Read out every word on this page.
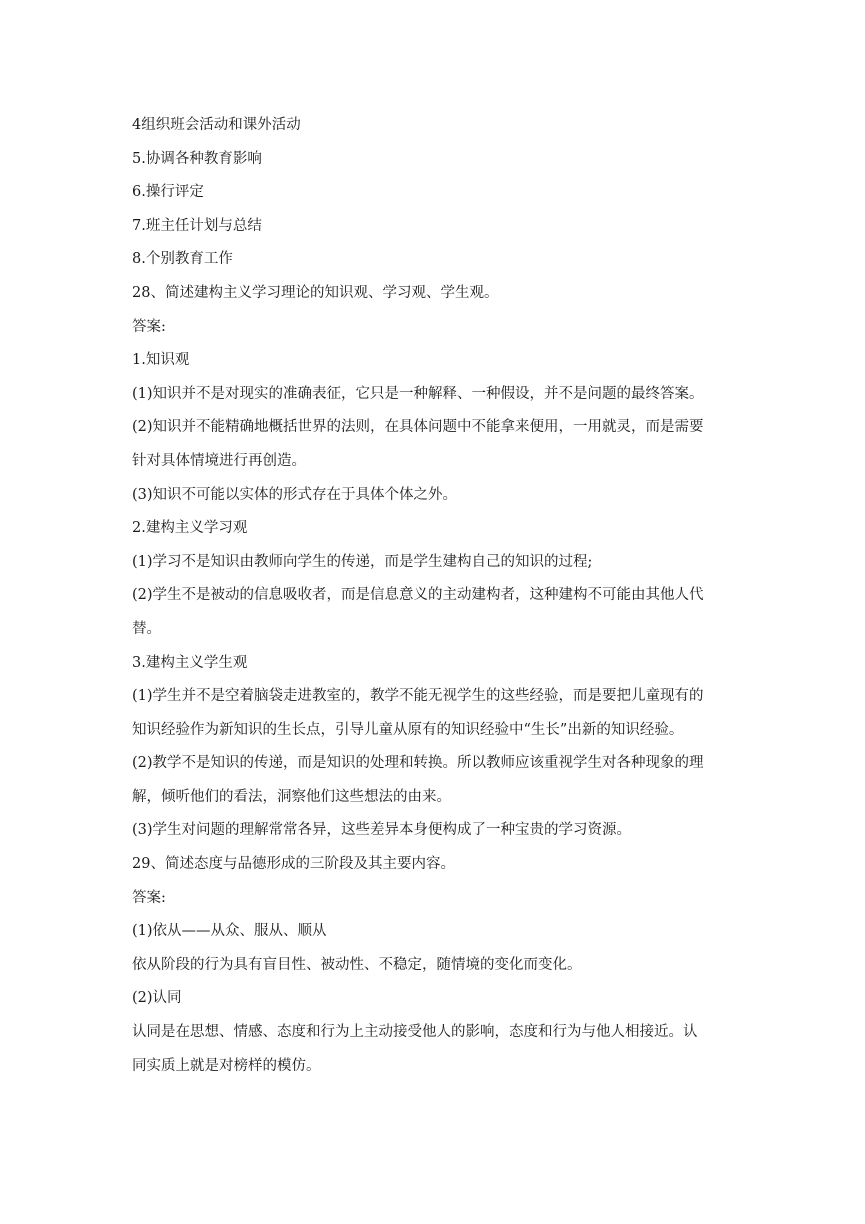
4组织班会活动和课外活动
5.协调各种教育影响
6.操行评定
7.班主任计划与总结
8.个别教育工作
28、简述建构主义学习理论的知识观、学习观、学生观。
答案:
1.知识观
(1)知识并不是对现实的准确表征，它只是一种解释、一种假设，并不是问题的最终答案。
(2)知识并不能精确地概括世界的法则，在具体问题中不能拿来便用，一用就灵，而是需要
针对具体情境进行再创造。
(3)知识不可能以实体的形式存在于具体个体之外。
2.建构主义学习观
(1)学习不是知识由教师向学生的传递，而是学生建构自己的知识的过程;
(2)学生不是被动的信息吸收者，而是信息意义的主动建构者，这种建构不可能由其他人代
替。
3.建构主义学生观
(1)学生并不是空着脑袋走进教室的，教学不能无视学生的这些经验，而是要把儿童现有的
知识经验作为新知识的生长点，引导儿童从原有的知识经验中“生长”出新的知识经验。
(2)教学不是知识的传递，而是知识的处理和转换。所以教师应该重视学生对各种现象的理
解，倾听他们的看法，洞察他们这些想法的由来。
(3)学生对问题的理解常常各异，这些差异本身便构成了一种宝贵的学习资源。
29、简述态度与品德形成的三阶段及其主要内容。
答案:
(1)依从——从众、服从、顺从
依从阶段的行为具有盲目性、被动性、不稳定，随情境的变化而变化。
(2)认同
认同是在思想、情感、态度和行为上主动接受他人的影响，态度和行为与他人相接近。认
同实质上就是对榜样的模仿。
